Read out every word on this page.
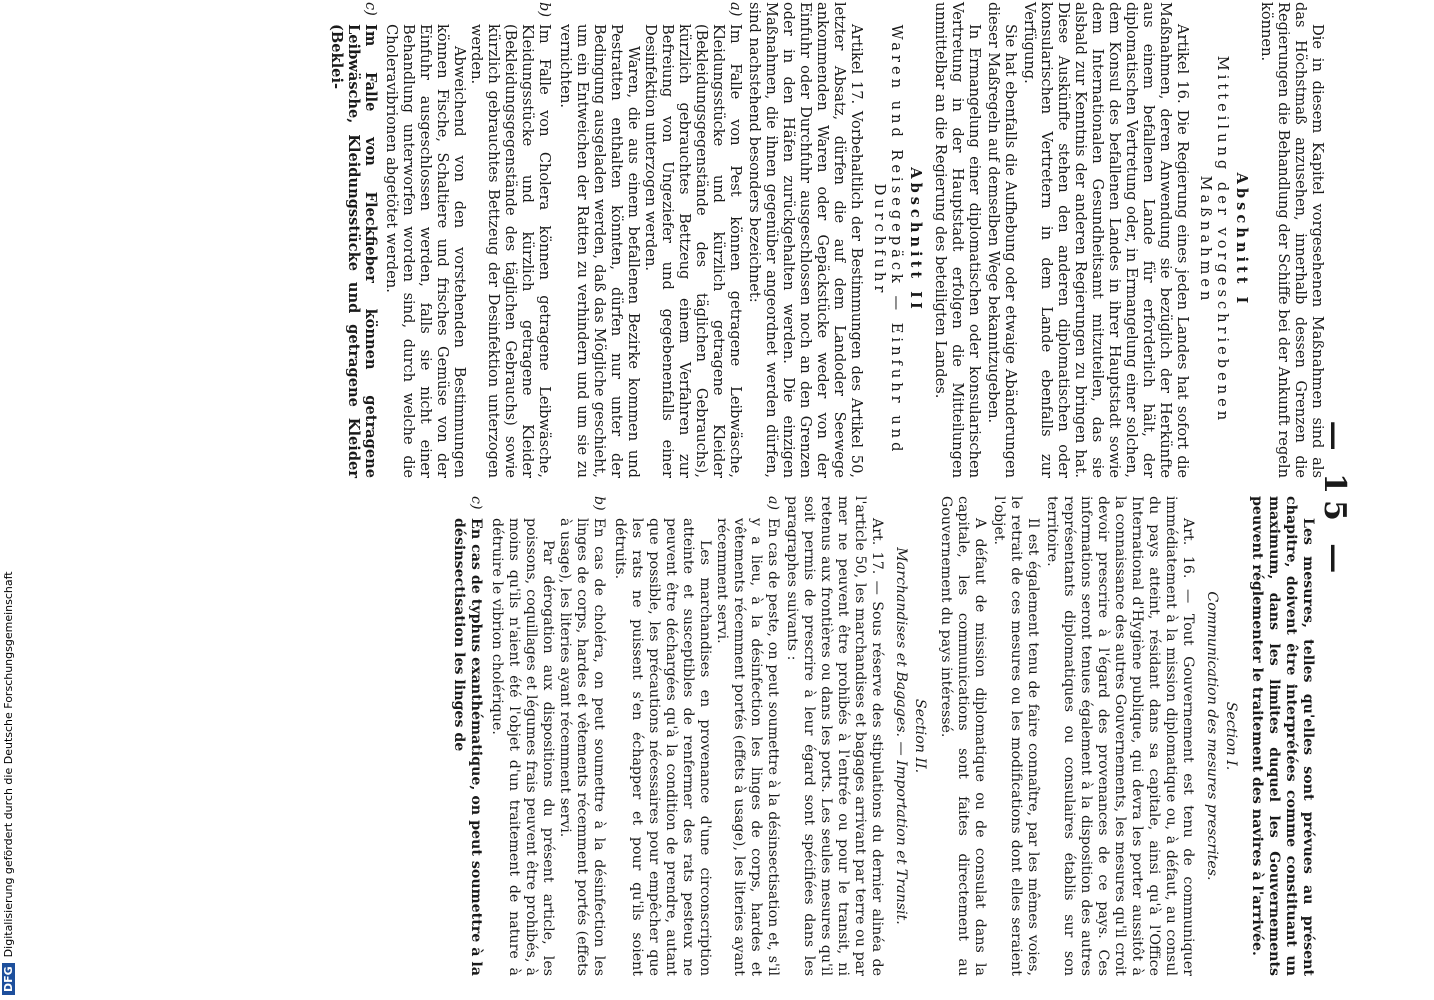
— 15 —

Die in diesem Kapitel vorgesehenen Maßnahmen sind als das Höchstmaß anzusehen, innerhalb dessen Grenzen die Regierungen die Behandlung der Schiffe bei der Ankunft regeln können.

Abschnitt I
Mitteilung der vorgeschriebenen Maßnahmen

Artikel 16. Die Regierung eines jeden Landes hat sofort die Maßnahmen, deren Anwendung sie bezüglich der Herkünfte aus einem befallenen Lande für erforderlich hält, der diplomatischen Vertretung oder, in Ermangelung einer solchen, dem Konsul des befallenen Landes in ihrer Hauptstadt sowie dem Internationalen Gesundheitsamt mitzuteilen, das sie alsbald zur Kenntnis der anderen Regierungen zu bringen hat. Diese Auskünfte stehen den anderen diplomatischen oder konsularischen Vertretern in dem Lande ebenfalls zur Verfügung.

Sie hat ebenfalls die Aufhebung oder etwaige Abänderungen dieser Maßregeln auf demselben Wege bekanntzugeben.

In Ermangelung einer diplomatischen oder konsularischen Vertretung in der Hauptstadt erfolgen die Mitteilungen unmittelbar an die Regierung des beteiligten Landes.

Abschnitt II
Waren und Reisegepäck — Einfuhr und Durchfuhr

Artikel 17. Vorbehaltlich der Bestimmungen des Artikel 50, letzter Absatz, dürfen die auf dem Landoder Seewege ankommenden Waren oder Gepäckstücke weder von der Einfuhr oder Durchfuhr ausgeschlossen noch an den Grenzen oder in den Häfen zurückgehalten werden. Die einzigen Maßnahmen, die ihnen gegenüber angeordnet werden dürfen, sind nachstehend besonders bezeichnet:

a)
Im Falle von Pest können getragene Leibwäsche, Kleidungsstücke und kürzlich getragene Kleider (Bekleidungsgegenstände des täglichen Gebrauchs), kürzlich gebrauchtes Bettzeug einem Verfahren zur Befreiung von Ungeziefer und gegebenenfalls einer Desinfektion unterzogen werden.
Waren, die aus einem befallenen Bezirke kommen und Pestratten enthalten könnten, dürfen nur unter der Bedingung ausgeladen werden, daß das Mögliche geschieht, um ein Entweichen der Ratten zu verhindern und um sie zu vernichten.
b)
Im Falle von Cholera können getragene Leibwäsche, Kleidungsstücke und kürzlich getragene Kleider (Bekleidungsgegenstände des täglichen Gebrauchs) sowie kürzlich gebrauchtes Bettzeug der Desinfektion unterzogen werden.
Abweichend von den vorstehenden Bestimmungen können Fische, Schaltiere und frisches Gemüse von der Einfuhr ausgeschlossen werden, falls sie nicht einer Behandlung unterworfen worden sind, durch welche die Choleravibrionen abgetötet werden.
c)
Im Falle von Fleckfieber können getragene Leibwäsche, Kleidungsstücke und getragene Kleider (Beklei-

Les mesures, telles qu'elles sont prévues au présent chapitre, doivent être interprétées comme constituant un maximum, dans les limites duquel les Gouvernements peuvent réglementer le traitement des navires à l'arrivée.

Section I.
Communication des mesures prescrites.

Art. 16. — Tout Gouvernement est tenu de communiquer immédiatement à la mission diplomatique ou, à défaut, au consul du pays atteint, résidant dans sa capitale, ainsi qu'à l'Office International d'Hygiène publique, qui devra les porter aussitôt à la connaissance des autres Gouvernements, les mesures qu'il croit devoir prescrire à l'égard des provenances de ce pays. Ces informations seront tenues également à la disposition des autres représentants diplomatiques ou consulaires établis sur son territoire.

Il est également tenu de faire connaître, par les mêmes voies, le retrait de ces mesures ou les modifications dont elles seraient l'objet.

A défaut de mission diplomatique ou de consulat dans la capitale, les communications sont faites directement au Gouvernement du pays intéressé.

Section II.
Marchandises et Bagages. — Importation et Transit.

Art. 17. — Sous réserve des stipulations du dernier alinéa de l'article 50, les marchandises et bagages arrivant par terre ou par mer ne peuvent être prohibés à l'entrée ou pour le transit, ni retenus aux frontières ou dans les ports. Les seules mesures qu'il soit permis de prescrire à leur égard sont spécifiées dans les paragraphes suivants :

a)
En cas de peste, on peut soumettre à la désinsectisation et, s'il y a lieu, à la désinfection les linges de corps, hardes et vêtements récemment portés (effets à usage), les literies ayant récemment servi.
Les marchandises en provenance d'une circonscription atteinte et susceptibles de renfermer des rats pesteux ne peuvent être déchargées qu'à la condition de prendre, autant que possible, les précautions nécessaires pour empêcher que les rats ne puissent s'en échapper et pour qu'ils soient détruits.
b)
En cas de choléra, on peut soumettre à la désinfection les linges de corps, hardes et vêtements récemment portés (effets à usage), les literies ayant récemment servi.
Par dérogation aux dispositions du présent article, les poissons, coquillages et légumes frais peuvent être prohibés, à moins qu'ils n'aient été l'objet d'un traitement de nature à détruire le vibrion cholérique.
c)
En cas de typhus exanthématique, on peut soumettre à la désinsectisation les linges de
DFG
Digitalisierung gefördert durch die Deutsche Forschungsgemeinschaft
